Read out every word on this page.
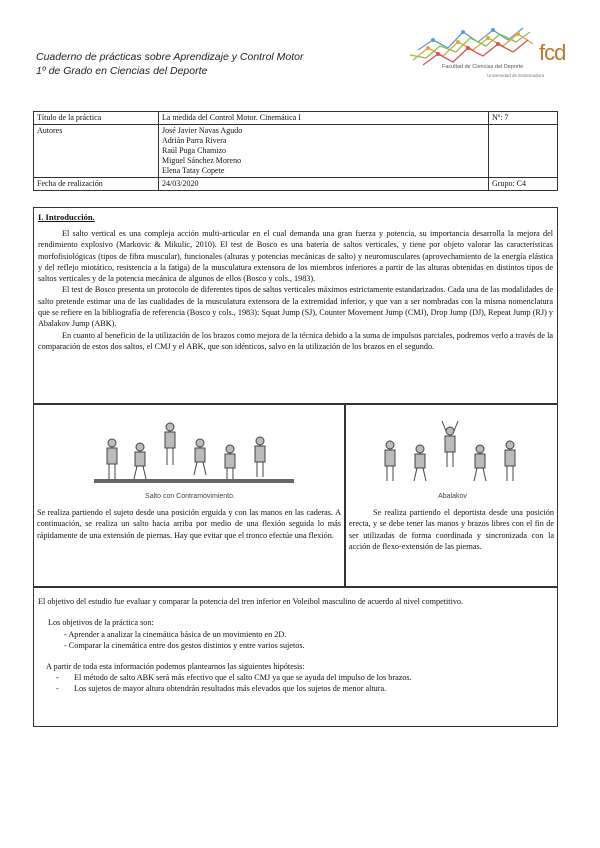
Cuaderno de prácticas sobre Aprendizaje y Control Motor
1º de Grado en Ciencias del Deporte
fcd
Facultad de Ciencias del Deporte
Universidad de Extremadura
Título de la práctica	La medida del Control Motor. Cinemática I	Nº: 7
Autores	José Javier Navas Agudo
Adrián Parra Rivera
Raúl Puga Chamizo
Miguel Sánchez Moreno
Elena Tatay Copete	

Fecha de realización	24/03/2020	Grupo: C4
I. Introducción.

El salto vertical es una compleja acción multi-articular en el cual demanda una gran fuerza y potencia, su importancia desarrolla la mejora del rendimiento explosivo (Markovic & Mikulic, 2010). El test de Bosco es una batería de saltos verticales, y tiene por objeto valorar las características morfofisiológicas (tipos de fibra muscular), funcionales (alturas y potencias mecánicas de salto) y neuromusculares (aprovechamiento de la energía elástica y del reflejo miotático, resistencia a la fatiga) de la musculatura extensora de los miembros inferiores a partir de las alturas obtenidas en distintos tipos de saltos verticales y de la potencia mecánica de algunos de ellos (Bosco y cols., 1983).

El test de Bosco presenta un protocolo de diferentes tipos de saltos verticales máximos estrictamente estandarizados. Cada una de las modalidades de salto pretende estimar una de las cualidades de la musculatura extensora de la extremidad inferior, y que van a ser nombradas con la misma nomenclatura que se refiere en la bibliografía de referencia (Bosco y cols., 1983): Squat Jump (SJ), Counter Movement Jump (CMJ), Drop Jump (DJ), Repeat Jump (RJ) y Abalakov Jump (ABK).

En cuanto al beneficio de la utilización de los brazos como mejora de la técnica debido a la suma de impulsos parciales, podremos verlo a través de la comparación de estos dos saltos, el CMJ y el ABK, que son idénticos, salvo en la utilización de los brazos en el segundo.

Salto con Contramovimiento.

Se realiza partiendo el sujeto desde una posición erguida y con las manos en las caderas. A continuación, se realiza un salto hacia arriba por medio de una flexión seguida lo más rápidamente de una extensión de piernas. Hay que evitar que el tronco efectúe una flexión.

Abalakov

Se realiza partiendo el deportista desde una posición erecta, y se debe tener las manos y brazos libres con el fin de ser utilizadas de forma coordinada y sincronizada con la acción de flexo-extensión de las piernas.

El objetivo del estudio fue evaluar y comparar la potencia del tren inferior en Voleibol masculino de acuerdo al nivel competitivo.

Los objetivos de la práctica son:
- Aprender a analizar la cinemática básica de un movimiento en 2D.
- Comparar la cinemática entre dos gestos distintos y entre varios sujetos.
A partir de toda esta información podemos plantearnos las siguientes hipótesis:
- El método de salto ABK será más efectivo que el salto CMJ ya que se ayuda del impulso de los brazos.
- Los sujetos de mayor altura obtendrán resultados más elevados que los sujetos de menor altura.
